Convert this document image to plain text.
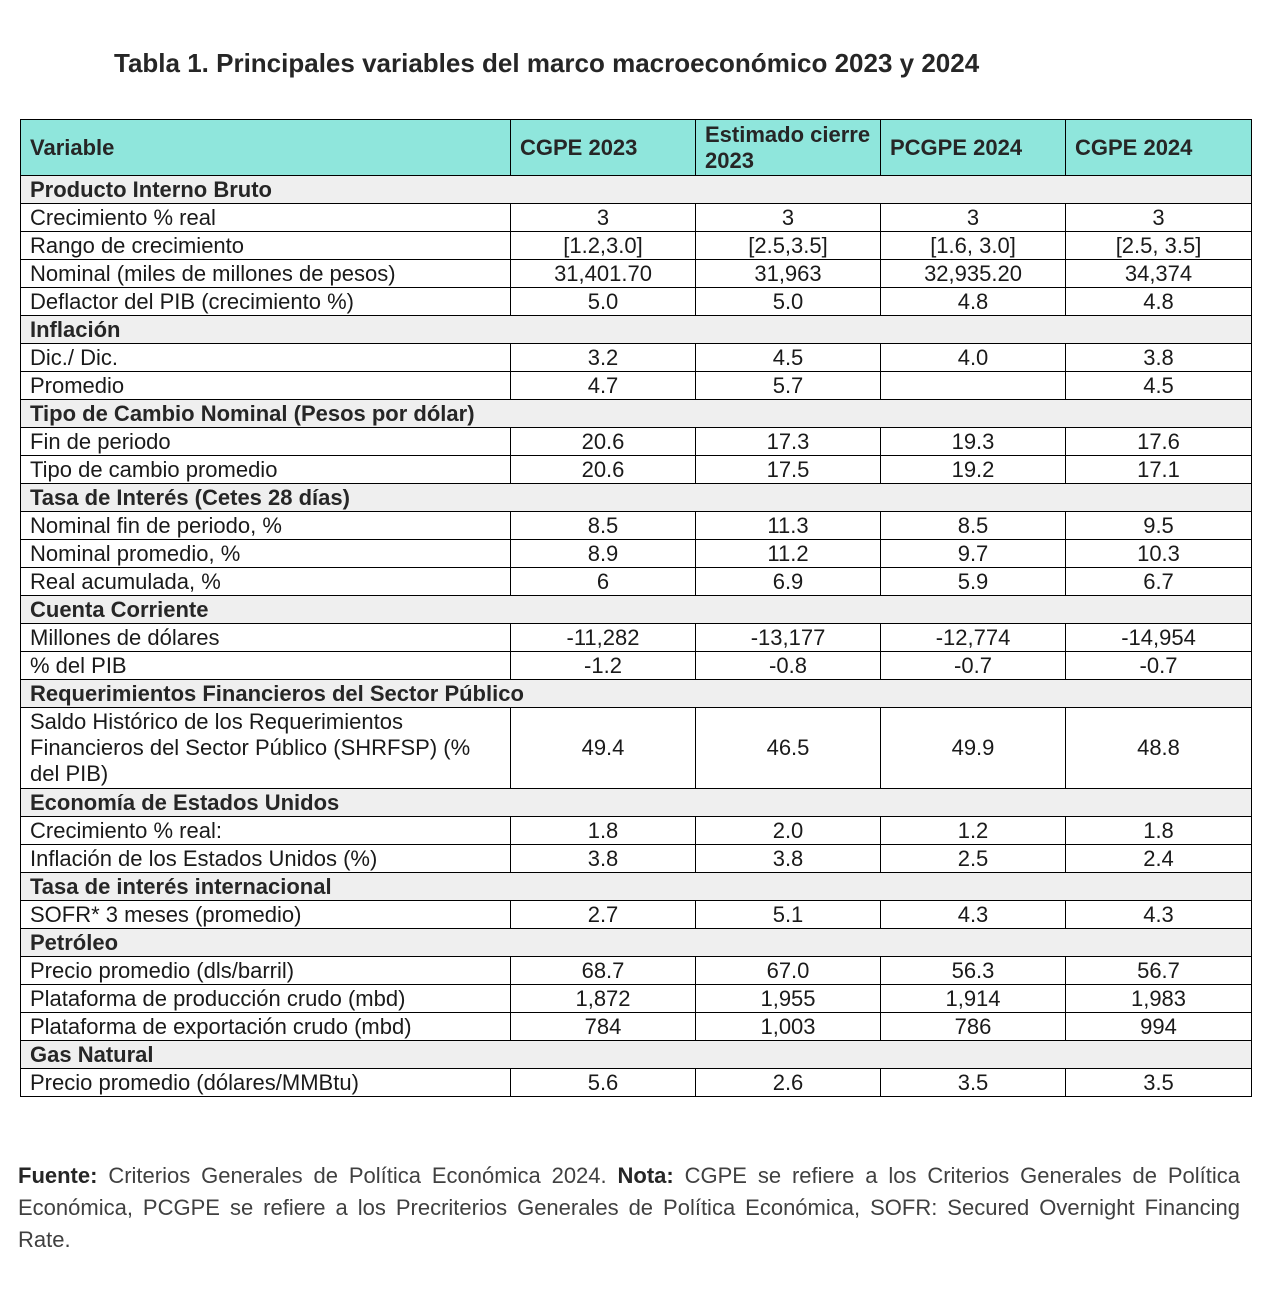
Tabla 1. Principales variables del marco macroeconómico 2023 y 2024
Variable	CGPE 2023	Estimado cierre 2023	PCGPE 2024	CGPE 2024
Producto Interno Bruto				
Crecimiento % real	3	3	3	3
Rango de crecimiento	[1.2,3.0]	[2.5,3.5]	[1.6, 3.0]	[2.5, 3.5]
Nominal (miles de millones de pesos)	31,401.70	31,963	32,935.20	34,374
Deflactor del PIB (crecimiento %)	5.0	5.0	4.8	4.8
Inflación				
Dic./ Dic.	3.2	4.5	4.0	3.8
Promedio	4.7	5.7		4.5
Tipo de Cambio Nominal (Pesos por dólar)				
Fin de periodo	20.6	17.3	19.3	17.6
Tipo de cambio promedio	20.6	17.5	19.2	17.1
Tasa de Interés (Cetes 28 días)				
Nominal fin de periodo, %	8.5	11.3	8.5	9.5
Nominal promedio, %	8.9	11.2	9.7	10.3
Real acumulada, %	6	6.9	5.9	6.7
Cuenta Corriente				
Millones de dólares	-11,282	-13,177	-12,774	-14,954
% del PIB	-1.2	-0.8	-0.7	-0.7
Requerimientos Financieros del Sector Público				
Saldo Histórico de los Requerimientos Financieros del Sector Público (SHRFSP) (% del PIB)	49.4	46.5	49.9	48.8
Economía de Estados Unidos				
Crecimiento % real:	1.8	2.0	1.2	1.8
Inflación de los Estados Unidos (%)	3.8	3.8	2.5	2.4
Tasa de interés internacional				
SOFR* 3 meses (promedio)	2.7	5.1	4.3	4.3
Petróleo				
Precio promedio (dls/barril)	68.7	67.0	56.3	56.7
Plataforma de producción crudo (mbd)	1,872	1,955	1,914	1,983
Plataforma de exportación crudo (mbd)	784	1,003	786	994
Gas Natural				
Precio promedio (dólares/MMBtu)	5.6	2.6	3.5	3.5
Fuente: Criterios Generales de Política Económica 2024. Nota: CGPE se refiere a los Criterios Generales de Política Económica, PCGPE se refiere a los Precriterios Generales de Política Económica, SOFR: Secured Overnight Financing Rate.
